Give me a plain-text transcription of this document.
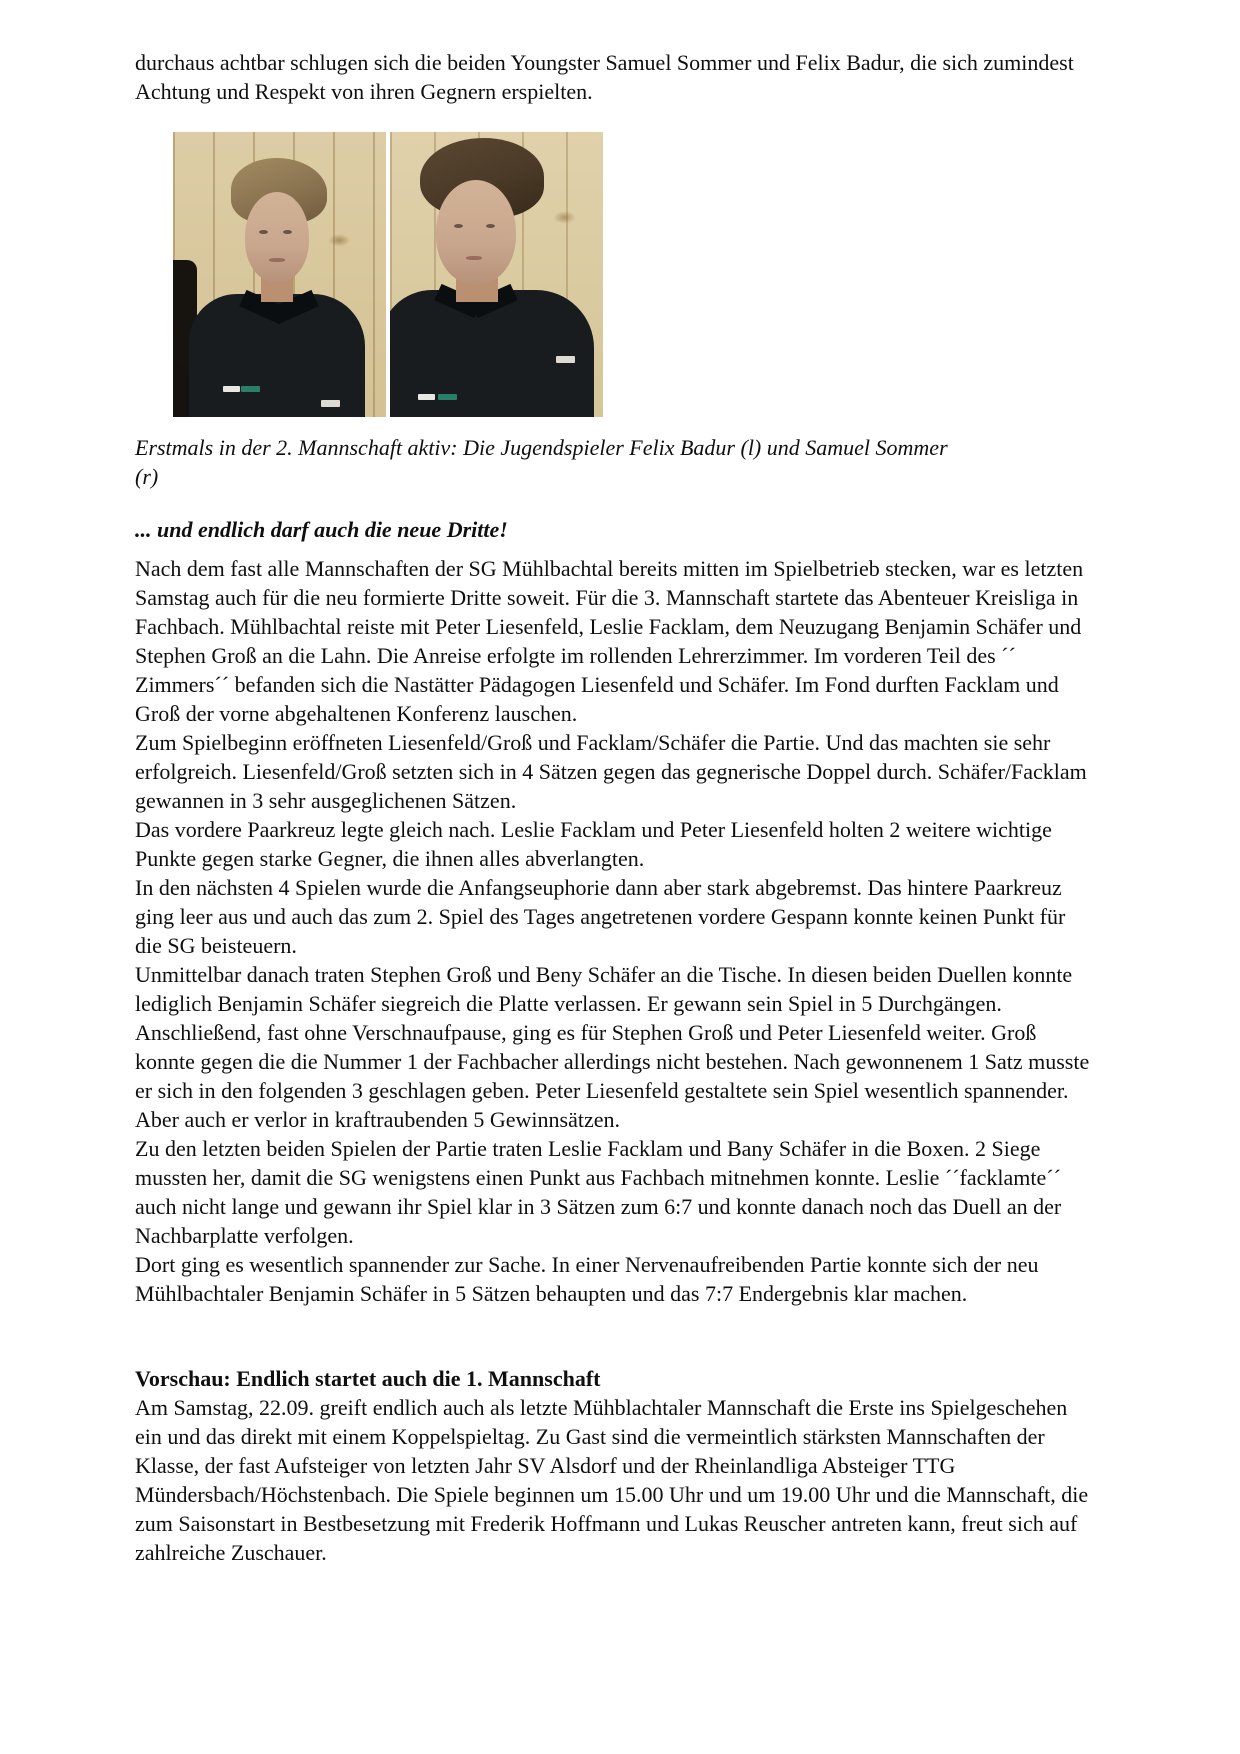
durchaus achtbar schlugen sich die beiden Youngster Samuel Sommer und Felix Badur, die sich zumindest Achtung und Respekt von ihren Gegnern erspielten.

Erstmals in der 2. Mannschaft aktiv: Die Jugendspieler Felix Badur (l) und Samuel Sommer
(r)
... und endlich darf auch die neue Dritte!

Nach dem fast alle Mannschaften der SG Mühlbachtal bereits mitten im Spielbetrieb stecken, war es letzten Samstag auch für die neu formierte Dritte soweit. Für die 3. Mannschaft startete das Abenteuer Kreisliga in Fachbach. Mühlbachtal reiste mit Peter Liesenfeld, Leslie Facklam, dem Neuzugang Benjamin Schäfer und Stephen Groß an die Lahn. Die Anreise erfolgte im rollenden Lehrerzimmer. Im vorderen Teil des ´´ Zimmers´´ befanden sich die Nastätter Pädagogen Liesenfeld und Schäfer. Im Fond durften Facklam und Groß der vorne abgehaltenen Konferenz lauschen.

Zum Spielbeginn eröffneten Liesenfeld/Groß und Facklam/Schäfer die Partie. Und das machten sie sehr erfolgreich. Liesenfeld/Groß setzten sich in 4 Sätzen gegen das gegnerische Doppel durch. Schäfer/Facklam gewannen in 3 sehr ausgeglichenen Sätzen.

Das vordere Paarkreuz legte gleich nach. Leslie Facklam und Peter Liesenfeld holten 2 weitere wichtige Punkte gegen starke Gegner, die ihnen alles abverlangten.

In den nächsten 4 Spielen wurde die Anfangseuphorie dann aber stark abgebremst. Das hintere Paarkreuz ging leer aus und auch das zum 2. Spiel des Tages angetretenen vordere Gespann konnte keinen Punkt für die SG beisteuern.

Unmittelbar danach traten Stephen Groß und Beny Schäfer an die Tische. In diesen beiden Duellen konnte lediglich Benjamin Schäfer siegreich die Platte verlassen. Er gewann sein Spiel in 5 Durchgängen.

Anschließend, fast ohne Verschnaufpause, ging es für Stephen Groß und Peter Liesenfeld weiter. Groß konnte gegen die die Nummer 1 der Fachbacher allerdings nicht bestehen. Nach gewonnenem 1 Satz musste er sich in den folgenden 3 geschlagen geben. Peter Liesenfeld gestaltete sein Spiel wesentlich spannender. Aber auch er verlor in kraftraubenden 5 Gewinnsätzen.

Zu den letzten beiden Spielen der Partie traten Leslie Facklam und Bany Schäfer in die Boxen. 2 Siege mussten her, damit die SG wenigstens einen Punkt aus Fachbach mitnehmen konnte. Leslie ´´facklamte´´ auch nicht lange und gewann ihr Spiel klar in 3 Sätzen zum 6:7 und konnte danach noch das Duell an der Nachbarplatte verfolgen.

Dort ging es wesentlich spannender zur Sache. In einer Nervenaufreibenden Partie konnte sich der neu Mühlbachtaler Benjamin Schäfer in 5 Sätzen behaupten und das 7:7 Endergebnis klar machen.

Vorschau: Endlich startet auch die 1. Mannschaft

Am Samstag, 22.09. greift endlich auch als letzte Mühblachtaler Mannschaft die Erste ins Spielgeschehen ein und das direkt mit einem Koppelspieltag. Zu Gast sind die vermeintlich stärksten Mannschaften der Klasse, der fast Aufsteiger von letzten Jahr SV Alsdorf und der Rheinlandliga Absteiger TTG Mündersbach/Höchstenbach. Die Spiele beginnen um 15.00 Uhr und um 19.00 Uhr und die Mannschaft, die zum Saisonstart in Bestbesetzung mit Frederik Hoffmann und Lukas Reuscher antreten kann, freut sich auf zahlreiche Zuschauer.
